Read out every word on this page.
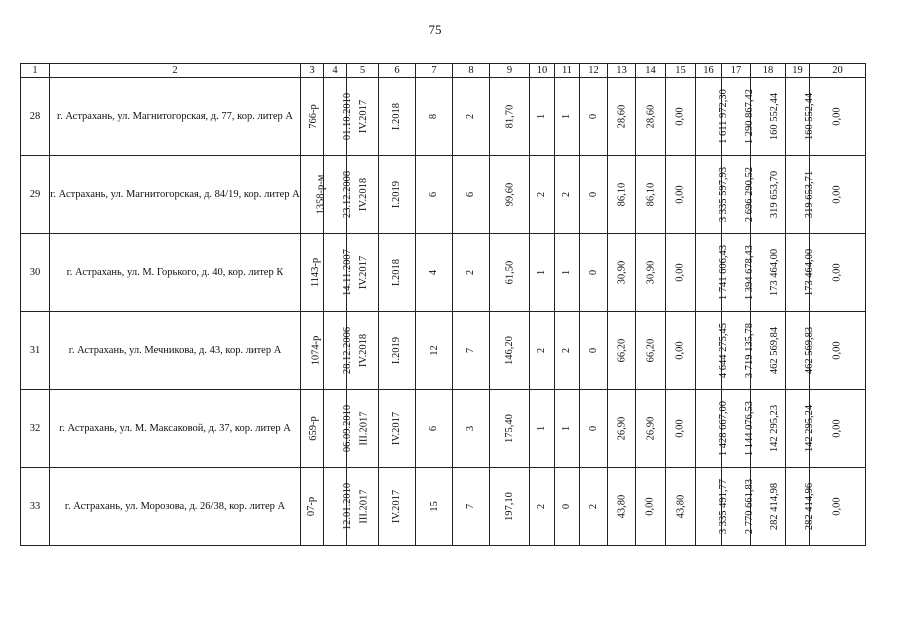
75
1	2	3	4	5	6	7	8	9	10	11	12	13	14	15	16	17	18	19	20
28	г. Астрахань, ул. Магнитогорская, д. 77, кор. литер А	766-р	01.10.2010	IV.2017	I.2018	8	2	81,70	1	1	0	28,60	28,60	0,00	1 611 972,30	1 290 867,42	160 552,44	160 552,44	0,00
29	г. Астрахань, ул. Магнитогорская, д. 84/19, кор. литер А	1358-р-м	23.12.2008	IV.2018	I.2019	6	6	99,60	2	2	0	86,10	86,10	0,00	3 335 597,93	2 696 290,52	319 653,70	319 653,71	0,00
30	г. Астрахань, ул. М. Горького, д. 40, кор. литер К	1143-р	14.11.2007	IV.2017	I.2018	4	2	61,50	1	1	0	30,90	30,90	0,00	1 741 606,43	1 394 678,43	173 464,00	173 464,00	0,00
31	г. Астрахань, ул. Мечникова, д. 43, кор. литер А	1074-р	28.12.2006	IV.2018	I.2019	12	7	146,20	2	2	0	66,20	66,20	0,00	4 644 275,45	3 719 135,78	462 569,84	462 569,83	0,00
32	г. Астрахань, ул. М. Максаковой, д. 37, кор. литер А	659-р	06.09.2010	III.2017	IV.2017	6	3	175,40	1	1	0	26,90	26,90	0,00	1 428 667,00	1 144 076,53	142 295,23	142 295,24	0,00
33	г. Астрахань, ул. Морозова, д. 26/38, кор. литер А	07-р	12.01.2010	III.2017	IV.2017	15	7	197,10	2	0	2	43,80	0,00	43,80	3 335 491,77	2 770 661,83	282 414,98	282 414,96	0,00
